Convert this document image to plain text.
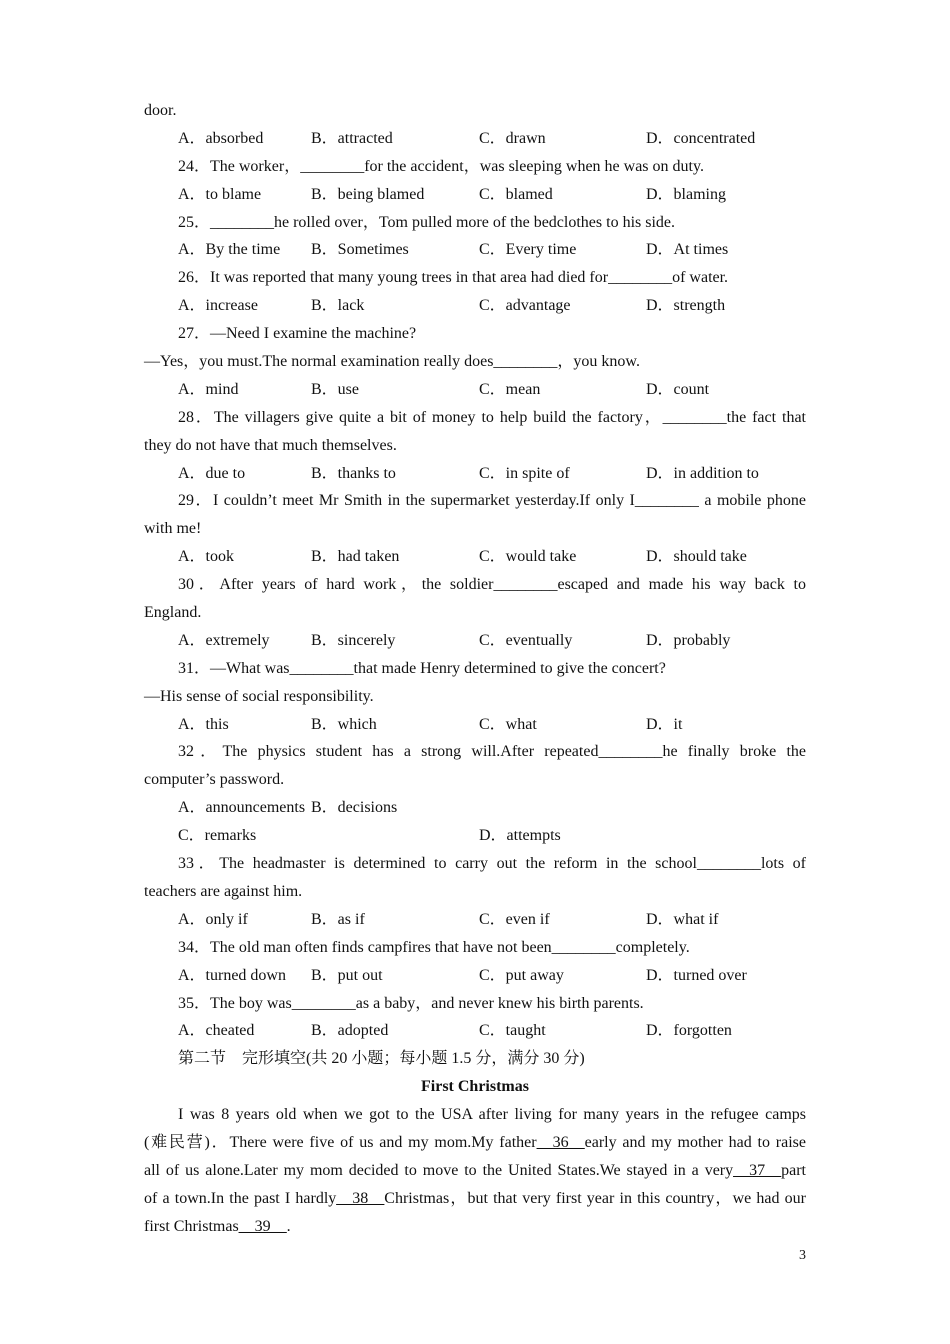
door.
A．absorbed	B．attracted	C．drawn	D．concentrated
24．The worker，________for the accident，was sleeping when he was on duty.
A．to blame	B．being blamed	C．blamed	D．blaming
25．________he rolled over，Tom pulled more of the bedclothes to his side.
A．By the time B．Sometimes	C．Every time	D．At times
26．It was reported that many young trees in that area had died for________of water.
A．increase	B．lack	C．advantage	D．strength
27．—Need I examine the machine?
—Yes，you must.The normal examination really does________，you know.
A．mind	B．use	C．mean	D．count
28．The villagers give quite a bit of money to help build the factory，________the fact that
they do not have that much themselves.
A．due to	B．thanks to	C．in spite of	D．in addition to
29．I couldn’t meet Mr Smith in the supermarket yesterday.If only I________ a mobile phone
with me!
A．took	B．had taken	C．would take	D．should take
30．After years of hard work，the soldier________escaped and made his way back to
England.
A．extremely	B．sincerely	C．eventually	D．probably
31．—What was________that made Henry determined to give the concert?
—His sense of social responsibility.
A．this	B．which	C．what	D．it
32．The physics student has a strong will.After repeated________he finally broke the
computer’s password.
A．announcements B．decisions
C．remarks	D．attempts
33．The headmaster is determined to carry out the reform in the school________lots of
teachers are against him.
A．only if	B．as if	C．even if	D．what if
34．The old man often finds campfires that have not been________completely.
A．turned down B．put out	C．put away	D．turned over
35．The boy was________as a baby，and never knew his birth parents.
A．cheated	B．adopted	C．taught	D．forgotten
第二节　完形填空(共 20 小题；每小题 1.5 分，满分 30 分)
First Christmas
I was 8 years old when we got to the USA after living for many years in the refugee camps
(难民营)．There were five of us and my mom.My father__36__early and my mother had to raise
all of us alone.Later my mom decided to move to the United States.We stayed in a very__37__part
of a town.In the past I hardly__38__Christmas，but that very first year in this country，we had our
first Christmas__39__.
3
